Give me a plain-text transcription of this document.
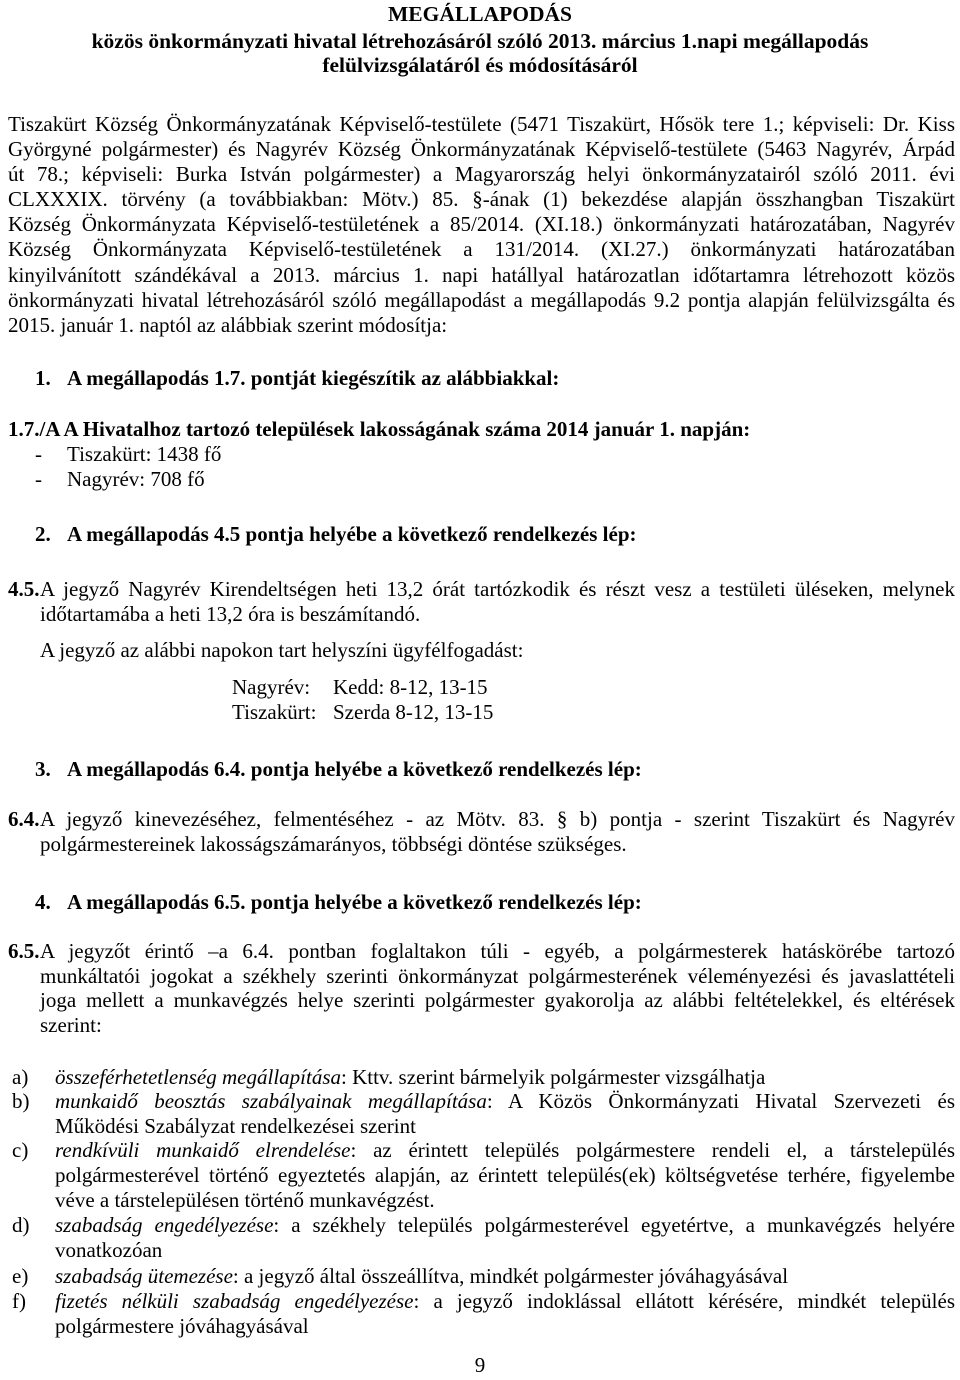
MEGÁLLAPODÁS
közös önkormányzati hivatal létrehozásáról szóló 2013. március 1.napi megállapodás
felülvizsgálatáról és módosításáról
Tiszakürt Község Önkormányzatának Képviselő-testülete (5471 Tiszakürt, Hősök tere 1.; képviseli: Dr. Kiss
Györgyné polgármester) és Nagyrév Község Önkormányzatának Képviselő-testülete (5463 Nagyrév, Árpád
út 78.; képviseli: Burka István polgármester) a Magyarország helyi önkormányzatairól szóló 2011. évi
CLXXXIX. törvény (a továbbiakban: Mötv.) 85. §-ának (1) bekezdése alapján összhangban Tiszakürt
Község Önkormányzata Képviselő-testületének a 85/2014. (XI.18.) önkormányzati határozatában, Nagyrév
Község Önkormányzata Képviselő-testületének a 131/2014. (XI.27.) önkormányzati határozatában
kinyilvánított szándékával a 2013. március 1. napi hatállyal határozatlan időtartamra létrehozott közös
önkormányzati hivatal létrehozásáról szóló megállapodást a megállapodás 9.2 pontja alapján felülvizsgálta és
2015. január 1. naptól az alábbiak szerint módosítja:
1. A megállapodás 1.7. pontját kiegészítik az alábbiakkal:
1.7./A A Hivatalhoz tartozó települések lakosságának száma 2014 január 1. napján:
- Tiszakürt: 1438 fő
- Nagyrév: 708 fő
2. A megállapodás 4.5 pontja helyébe a következő rendelkezés lép:
4.5. A jegyző Nagyrév Kirendeltségen heti 13,2 órát tartózkodik és részt vesz a testületi üléseken, melynek
időtartamába a heti 13,2 óra is beszámítandó.
A jegyző az alábbi napokon tart helyszíni ügyfélfogadást:
Nagyrév: Kedd: 8-12, 13-15
Tiszakürt: Szerda 8-12, 13-15
3. A megállapodás 6.4. pontja helyébe a következő rendelkezés lép:
6.4. A jegyző kinevezéséhez, felmentéséhez - az Mötv. 83. § b) pontja - szerint Tiszakürt és Nagyrév
polgármestereinek lakosságszámarányos, többségi döntése szükséges.
4. A megállapodás 6.5. pontja helyébe a következő rendelkezés lép:
6.5. A jegyzőt érintő –a 6.4. pontban foglaltakon túli - egyéb, a polgármesterek hatáskörébe tartozó
munkáltatói jogokat a székhely szerinti önkormányzat polgármesterének véleményezési és javaslattételi
joga mellett a munkavégzés helye szerinti polgármester gyakorolja az alábbi feltételekkel, és eltérések
szerint:
a) összeférhetetlenség megállapítása: Kttv. szerint bármelyik polgármester vizsgálhatja
b) munkaidő beosztás szabályainak megállapítása: A Közös Önkormányzati Hivatal Szervezeti és
Működési Szabályzat rendelkezései szerint
c) rendkívüli munkaidő elrendelése: az érintett település polgármestere rendeli el, a társtelepülés
polgármesterével történő egyeztetés alapján, az érintett település(ek) költségvetése terhére, figyelembe
véve a társtelepülésen történő munkavégzést.
d) szabadság engedélyezése: a székhely település polgármesterével egyetértve, a munkavégzés helyére
vonatkozóan
e) szabadság ütemezése: a jegyző által összeállítva, mindkét polgármester jóváhagyásával
f) fizetés nélküli szabadság engedélyezése: a jegyző indoklással ellátott kérésére, mindkét település
polgármestere jóváhagyásával
9
